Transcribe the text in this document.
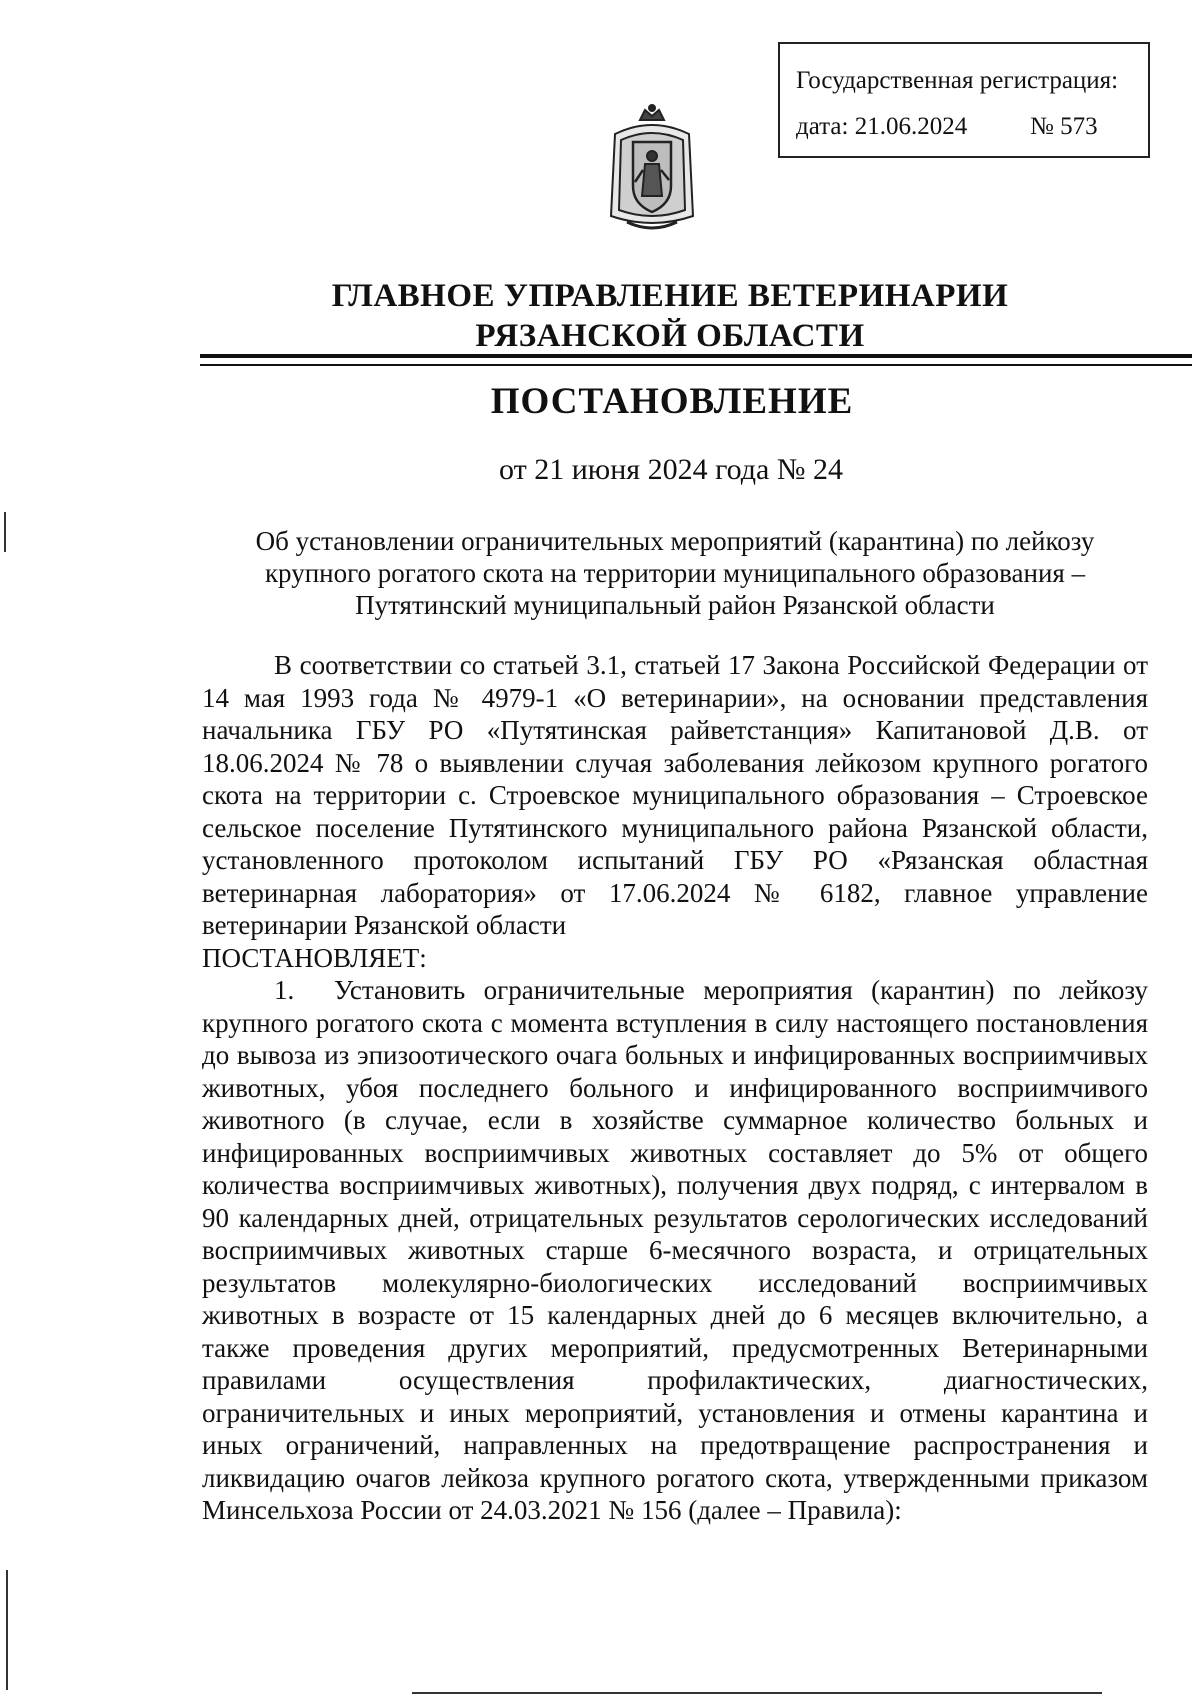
Государственная регистрация:
дата: 21.06.2024	№ 573
ГЛАВНОЕ УПРАВЛЕНИЕ ВЕТЕРИНАРИИ
РЯЗАНСКОЙ ОБЛАСТИ
ПОСТАНОВЛЕНИЕ
от 21 июня 2024 года № 24
Об установлении ограничительных мероприятий (карантина) по лейкозу
крупного рогатого скота на территории муниципального образования –
Путятинский муниципальный район Рязанской области

В соответствии со статьей 3.1, статьей 17 Закона Российской Федерации от 14 мая 1993 года № 4979-1 «О ветеринарии», на основании представления начальника ГБУ РО «Путятинская райветстанция» Капитановой Д.В. от 18.06.2024 № 78 о выявлении случая заболевания лейкозом крупного рогатого скота на территории с. Строевское муниципального образования – Строевское сельское поселение Путятинского муниципального района Рязанской области, установленного протоколом испытаний ГБУ РО «Рязанская областная ветеринарная лаборатория» от 17.06.2024 № 6182, главное управление ветеринарии Рязанской области

ПОСТАНОВЛЯЕТ:

1. Установить ограничительные мероприятия (карантин) по лейкозу крупного рогатого скота с момента вступления в силу настоящего постановления до вывоза из эпизоотического очага больных и инфицированных восприимчивых животных, убоя последнего больного и инфицированного восприимчивого животного (в случае, если в хозяйстве суммарное количество больных и инфицированных восприимчивых животных составляет до 5% от общего количества восприимчивых животных), получения двух подряд, с интервалом в 90 календарных дней, отрицательных результатов серологических исследований восприимчивых животных старше 6-месячного возраста, и отрицательных результатов молекулярно-биологических исследований восприимчивых животных в возрасте от 15 календарных дней до 6 месяцев включительно, а также проведения других мероприятий, предусмотренных Ветеринарными правилами осуществления профилактических, диагностических, ограничительных и иных мероприятий, установления и отмены карантина и иных ограничений, направленных на предотвращение распространения и ликвидацию очагов лейкоза крупного рогатого скота, утвержденными приказом Минсельхоза России от 24.03.2021 № 156 (далее – Правила):
